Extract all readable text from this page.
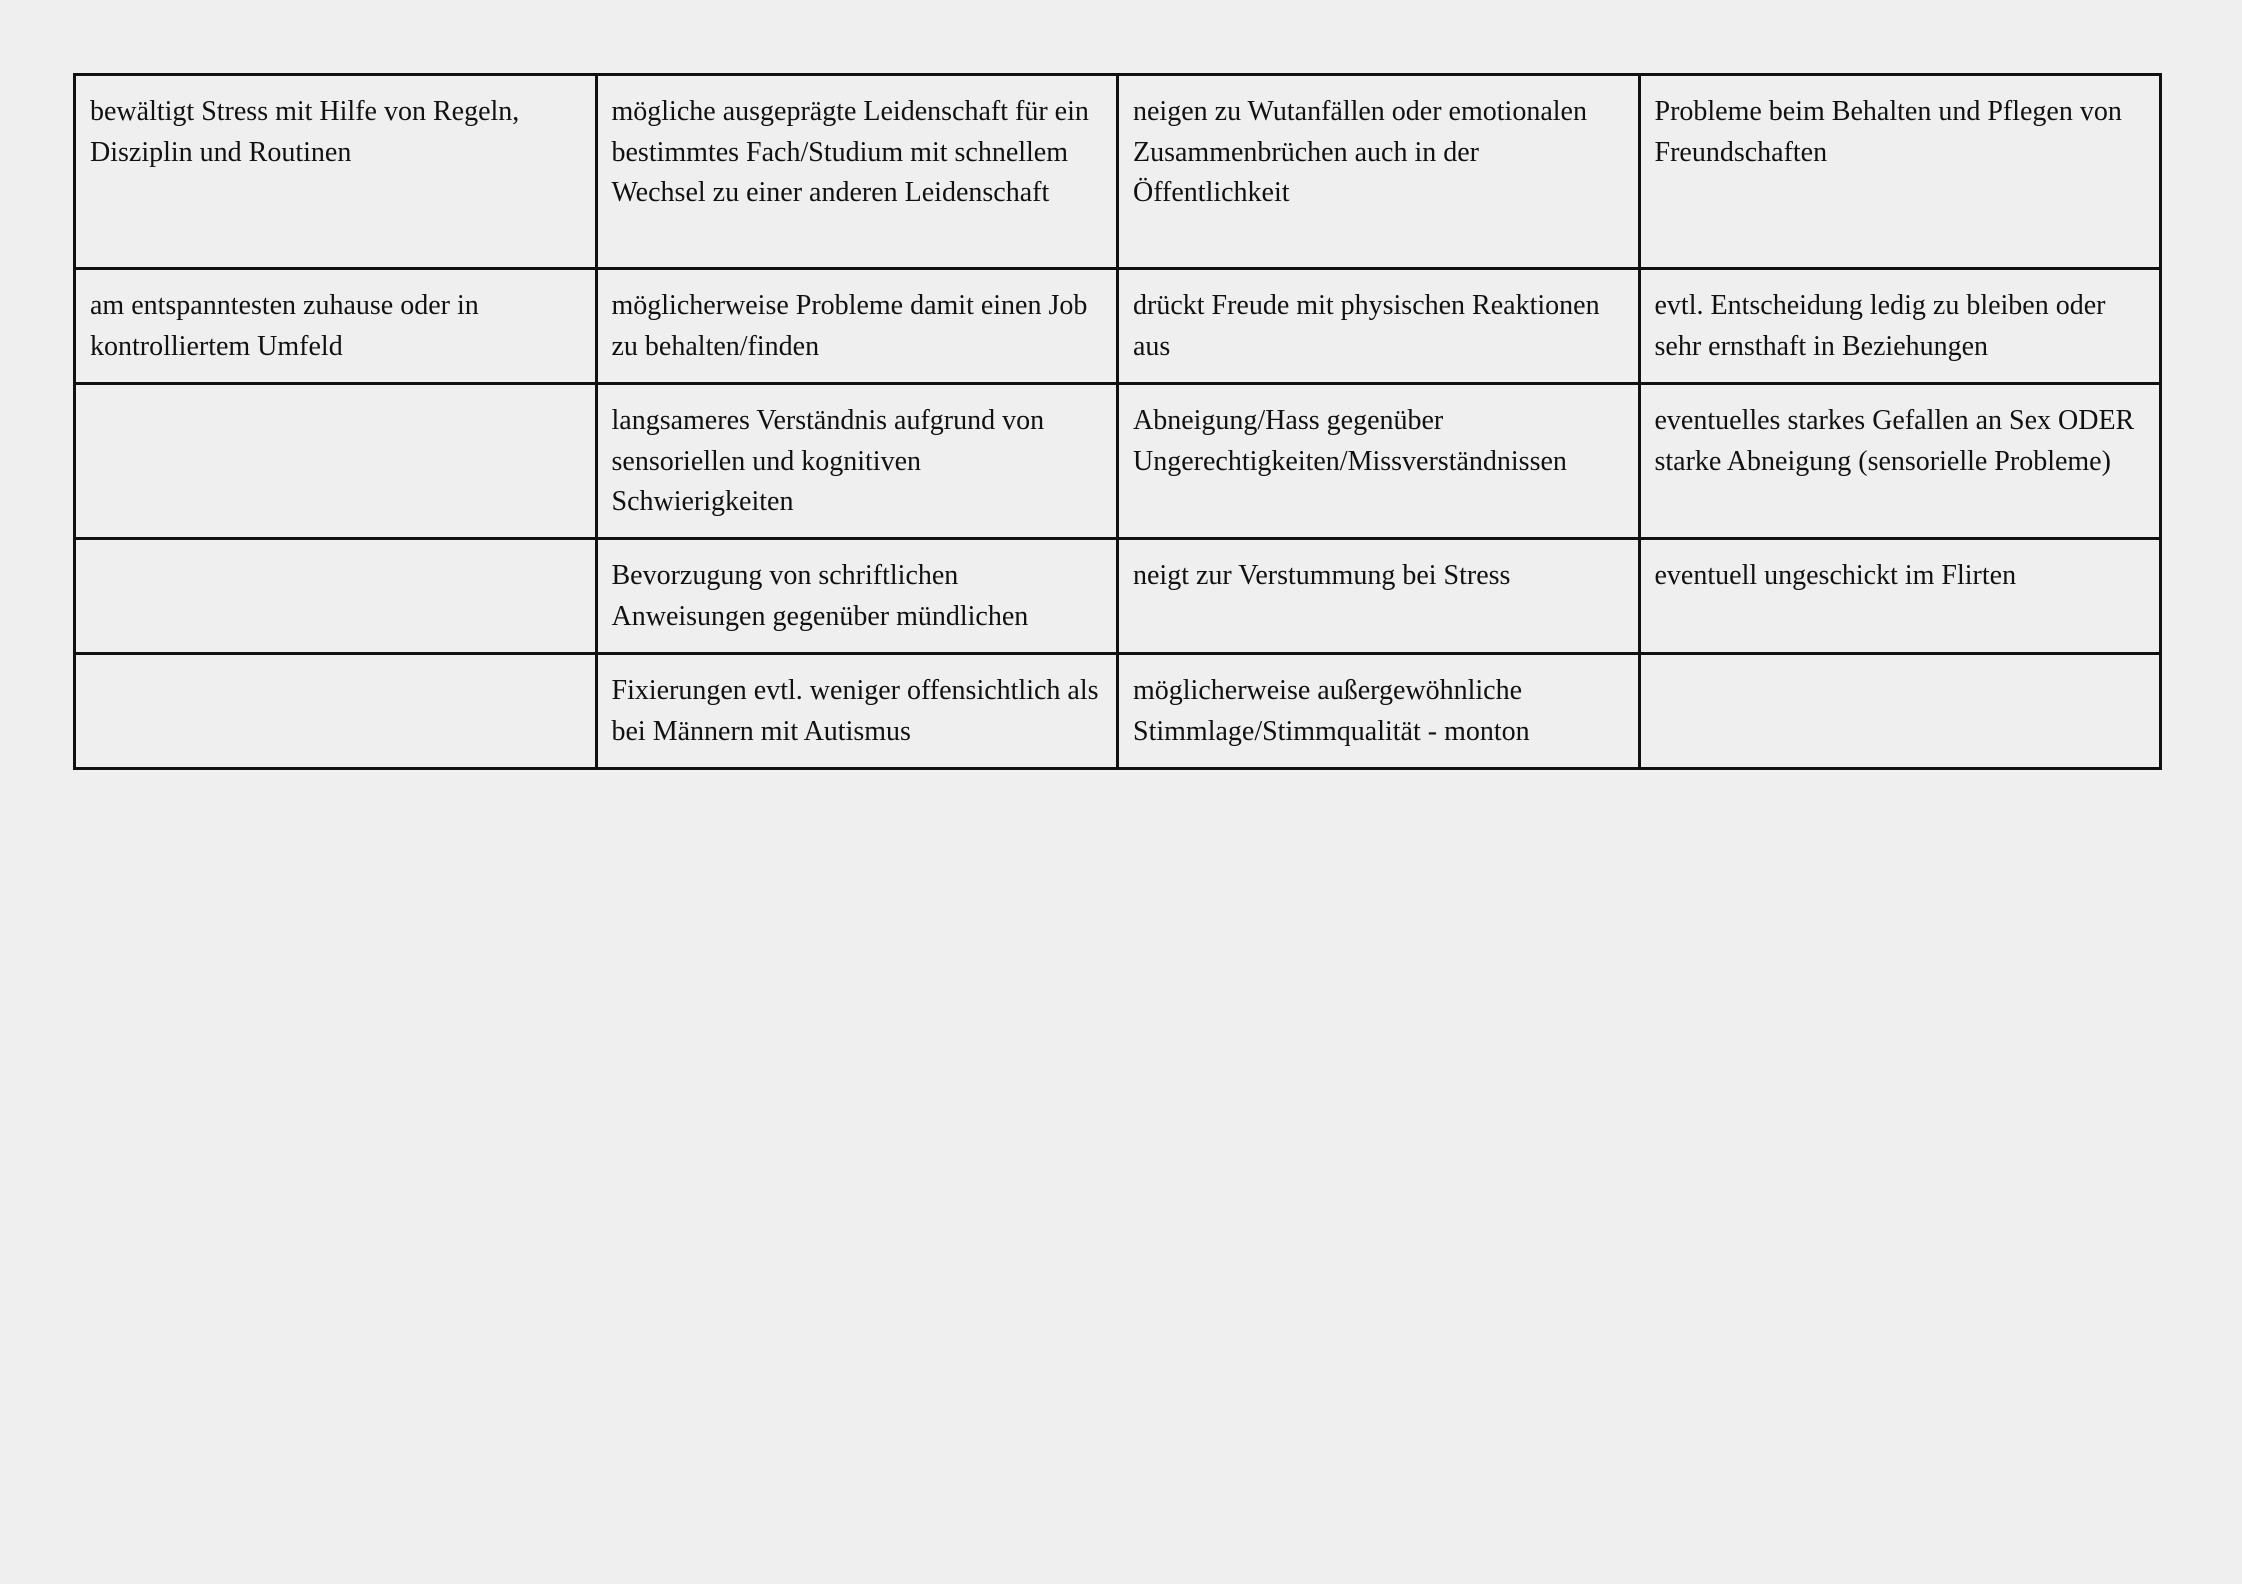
bewältigt Stress mit Hilfe von Regeln, Disziplin und Routinen	mögliche ausgeprägte Leidenschaft für ein bestimmtes Fach/Studium mit schnellem Wechsel zu einer anderen Leidenschaft	neigen zu Wutanfällen oder emotionalen Zusammenbrüchen auch in der Öffentlichkeit	Probleme beim Behalten und Pflegen von Freundschaften
am entspanntesten zuhause oder in kontrolliertem Umfeld	möglicherweise Probleme damit einen Job zu behalten/finden	drückt Freude mit physischen Reaktionen aus	evtl. Entscheidung ledig zu bleiben oder sehr ernsthaft in Beziehungen
	langsameres Verständnis aufgrund von sensoriellen und kognitiven Schwierigkeiten	Abneigung/Hass gegenüber Ungerechtigkeiten/Missverständnissen	eventuelles starkes Gefallen an Sex ODER starke Abneigung (sensorielle Probleme)
	Bevorzugung von schriftlichen Anweisungen gegenüber mündlichen	neigt zur Verstummung bei Stress	eventuell ungeschickt im Flirten
	Fixierungen evtl. weniger offensichtlich als bei Männern mit Autismus	möglicherweise außergewöhnliche Stimmlage/Stimmqualität - monton	
